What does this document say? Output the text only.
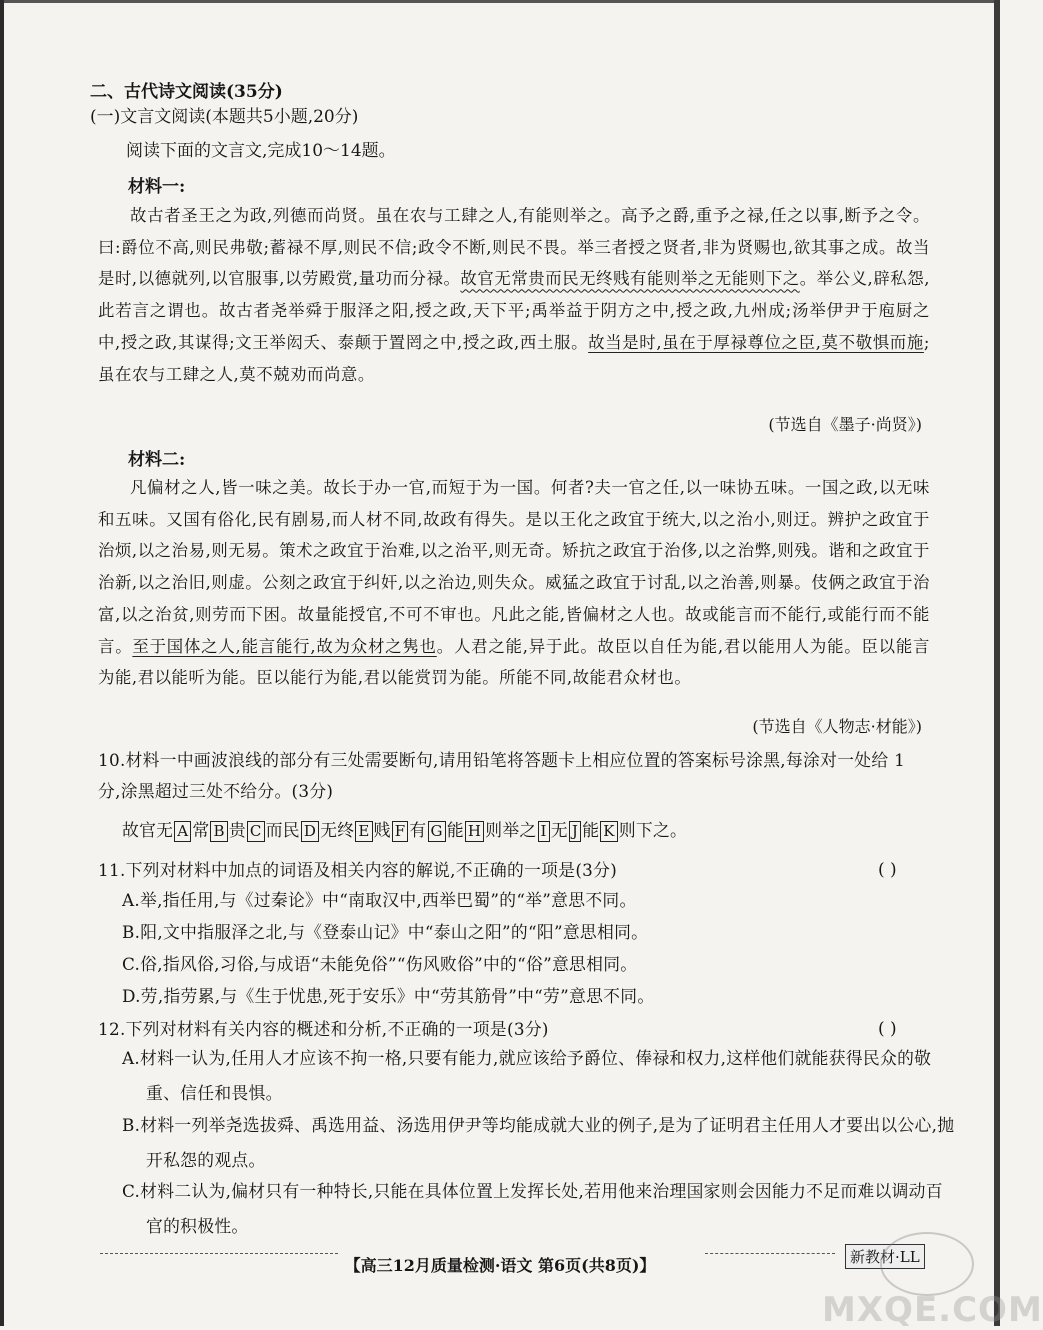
二、古代诗文阅读(35分)
(一)文言文阅读(本题共5小题,20分)
阅读下面的文言文,完成10～14题。
材料一:
故古者圣王之为政,列德而尚贤。虽在农与工肆之人,有能则举之。高予之爵,重予之禄,任之以事,断予之令。曰:爵位不高,则民弗敬;蓄禄不厚,则民不信;政令不断,则民不畏。举三者授之贤者,非为贤赐也,欲其事之成。故当是时,以德就列,以官服事,以劳殿赏,量功而分禄。故官无常贵而民无终贱有能则举之无能则下之。举公义,辟私怨,此若言之谓也。故古者尧举舜于服泽之阳,授之政,天下平;禹举益于阴方之中,授之政,九州成;汤举伊尹于庖厨之中,授之政,其谋得;文王举闳夭、泰颠于置罔之中,授之政,西土服。故当是时,虽在于厚禄尊位之臣,莫不敬惧而施;虽在农与工肆之人,莫不兢劝而尚意。
(节选自《墨子·尚贤》)
材料二:
凡偏材之人,皆一味之美。故长于办一官,而短于为一国。何者?夫一官之任,以一味协五味。一国之政,以无味和五味。又国有俗化,民有剧易,而人材不同,故政有得失。是以王化之政宜于统大,以之治小,则迂。辨护之政宜于治烦,以之治易,则无易。策术之政宜于治难,以之治平,则无奇。矫抗之政宜于治侈,以之治弊,则残。谐和之政宜于治新,以之治旧,则虚。公刻之政宜于纠奸,以之治边,则失众。威猛之政宜于讨乱,以之治善,则暴。伎俩之政宜于治富,以之治贫,则劳而下困。故量能授官,不可不审也。凡此之能,皆偏材之人也。故或能言而不能行,或能行而不能言。至于国体之人,能言能行,故为众材之隽也。人君之能,异于此。故臣以自任为能,君以能用人为能。臣以能言为能,君以能听为能。臣以能行为能,君以能赏罚为能。所能不同,故能君众材也。
(节选自《人物志·材能》)
10.材料一中画波浪线的部分有三处需要断句,请用铅笔将答题卡上相应位置的答案标号涂黑,每涂对一处给 1
分,涂黑超过三处不给分。(3分)
故官无 A 常 B 贵 C 而民 D 无终 E 贱 F 有 G 能 H 则举之 I 无 J 能 K 则下之。
11.下列对材料中加点的词语及相关内容的解说,不正确的一项是(3分)	( )
A.举,指任用,与《过秦论》中“南取汉中,西举巴蜀”的“举”意思不同。
B.阳,文中指服泽之北,与《登泰山记》中“泰山之阳”的“阳”意思相同。
C.俗,指风俗,习俗,与成语“未能免俗”“伤风败俗”中的“俗”意思相同。
D.劳,指劳累,与《生于忧患,死于安乐》中“劳其筋骨”中“劳”意思不同。
12.下列对材料有关内容的概述和分析,不正确的一项是(3分)	( )
A.材料一认为,任用人才应该不拘一格,只要有能力,就应该给予爵位、俸禄和权力,这样他们就能获得民众的敬重、信任和畏惧。
B.材料一列举尧选拔舜、禹选用益、汤选用伊尹等均能成就大业的例子,是为了证明君主任用人才要出以公心,抛开私怨的观点。
C.材料二认为,偏材只有一种特长,只能在具体位置上发挥长处,若用他来治理国家则会因能力不足而难以调动百官的积极性。
【高三12月质量检测·语文 第6页(共8页)】	新教材·LL
MXQE.COM
